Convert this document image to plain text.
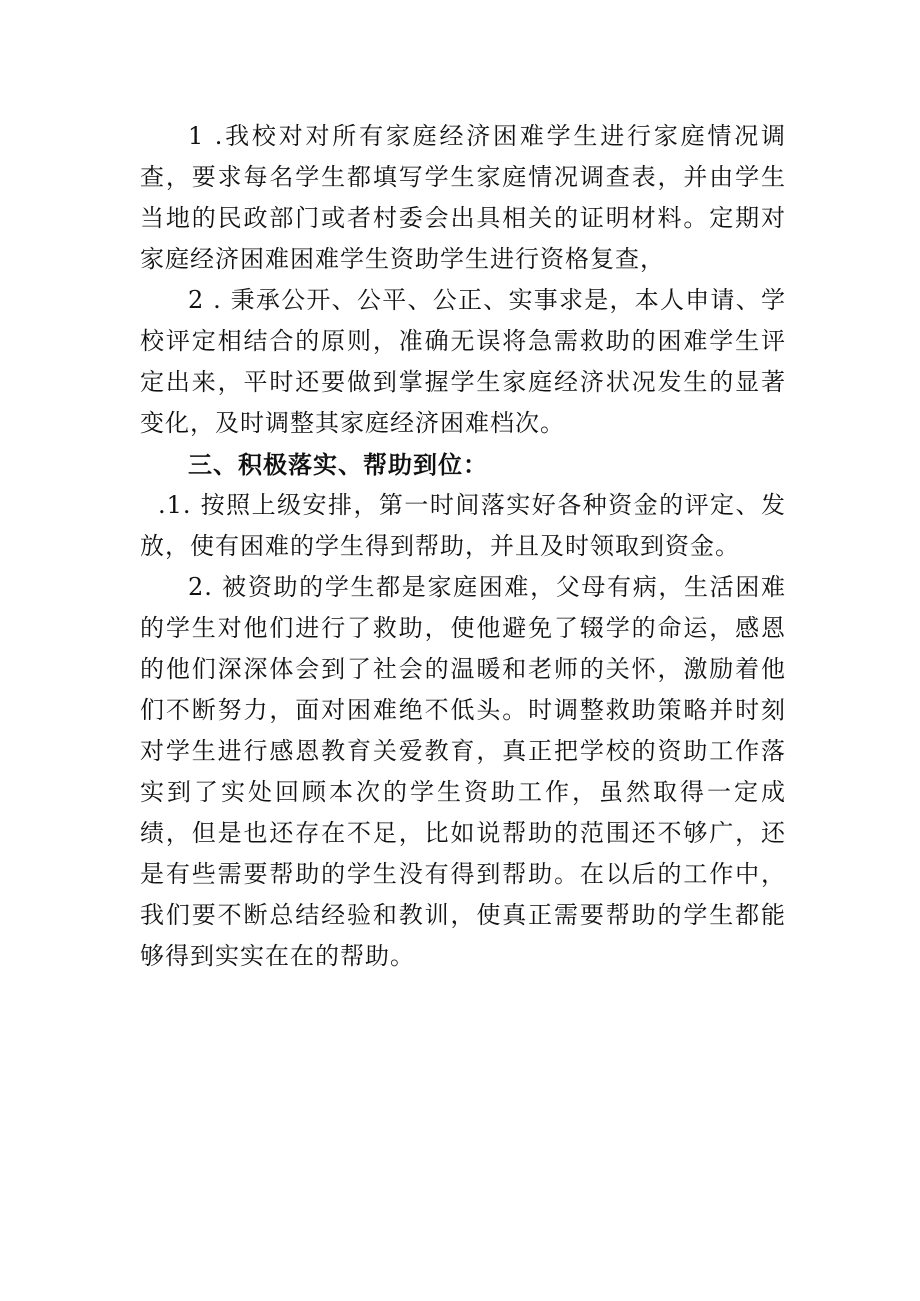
1 .我校对对所有家庭经济困难学生进行家庭情况调查，要求每名学生都填写学生家庭情况调查表，并由学生当地的民政部门或者村委会出具相关的证明材料。定期对家庭经济困难困难学生资助学生进行资格复查，

2 . 秉承公开、公平、公正、实事求是，本人申请、学校评定相结合的原则，准确无误将急需救助的困难学生评定出来，平时还要做到掌握学生家庭经济状况发生的显著变化，及时调整其家庭经济困难档次。

三、积极落实、帮助到位：

.1. 按照上级安排，第一时间落实好各种资金的评定、发放，使有困难的学生得到帮助，并且及时领取到资金。

2. 被资助的学生都是家庭困难，父母有病，生活困难的学生对他们进行了救助，使他避免了辍学的命运，感恩的他们深深体会到了社会的温暖和老师的关怀，激励着他们不断努力，面对困难绝不低头。时调整救助策略并时刻对学生进行感恩教育关爱教育，真正把学校的资助工作落实到了实处回顾本次的学生资助工作，虽然取得一定成绩，但是也还存在不足，比如说帮助的范围还不够广，还是有些需要帮助的学生没有得到帮助。在以后的工作中，我们要不断总结经验和教训，使真正需要帮助的学生都能够得到实实在在的帮助。
